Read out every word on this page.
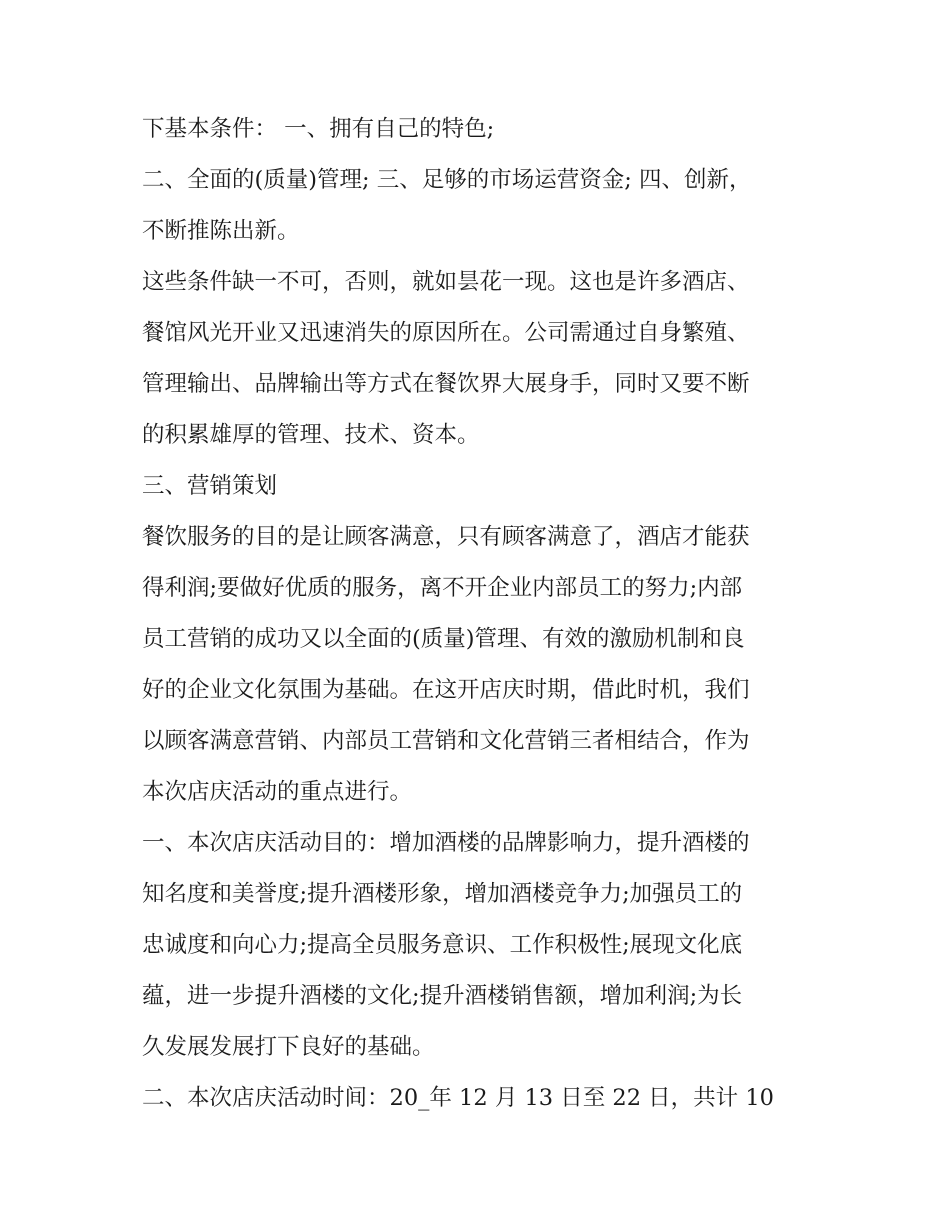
下基本条件： 一、拥有自己的特色;
二、全面的(质量)管理; 三、足够的市场运营资金; 四、创新，
不断推陈出新。
这些条件缺一不可，否则，就如昙花一现。这也是许多酒店、
餐馆风光开业又迅速消失的原因所在。公司需通过自身繁殖、
管理输出、品牌输出等方式在餐饮界大展身手，同时又要不断
的积累雄厚的管理、技术、资本。
三、营销策划
餐饮服务的目的是让顾客满意，只有顾客满意了，酒店才能获
得利润;要做好优质的服务，离不开企业内部员工的努力;内部
员工营销的成功又以全面的(质量)管理、有效的激励机制和良
好的企业文化氛围为基础。在这开店庆时期，借此时机，我们
以顾客满意营销、内部员工营销和文化营销三者相结合，作为
本次店庆活动的重点进行。
一、本次店庆活动目的：增加酒楼的品牌影响力，提升酒楼的
知名度和美誉度;提升酒楼形象，增加酒楼竞争力;加强员工的
忠诚度和向心力;提高全员服务意识、工作积极性;展现文化底
蕴，进一步提升酒楼的文化;提升酒楼销售额，增加利润;为长
久发展发展打下良好的基础。
二、本次店庆活动时间：20_年 12 月 13 日至 22 日，共计 10
